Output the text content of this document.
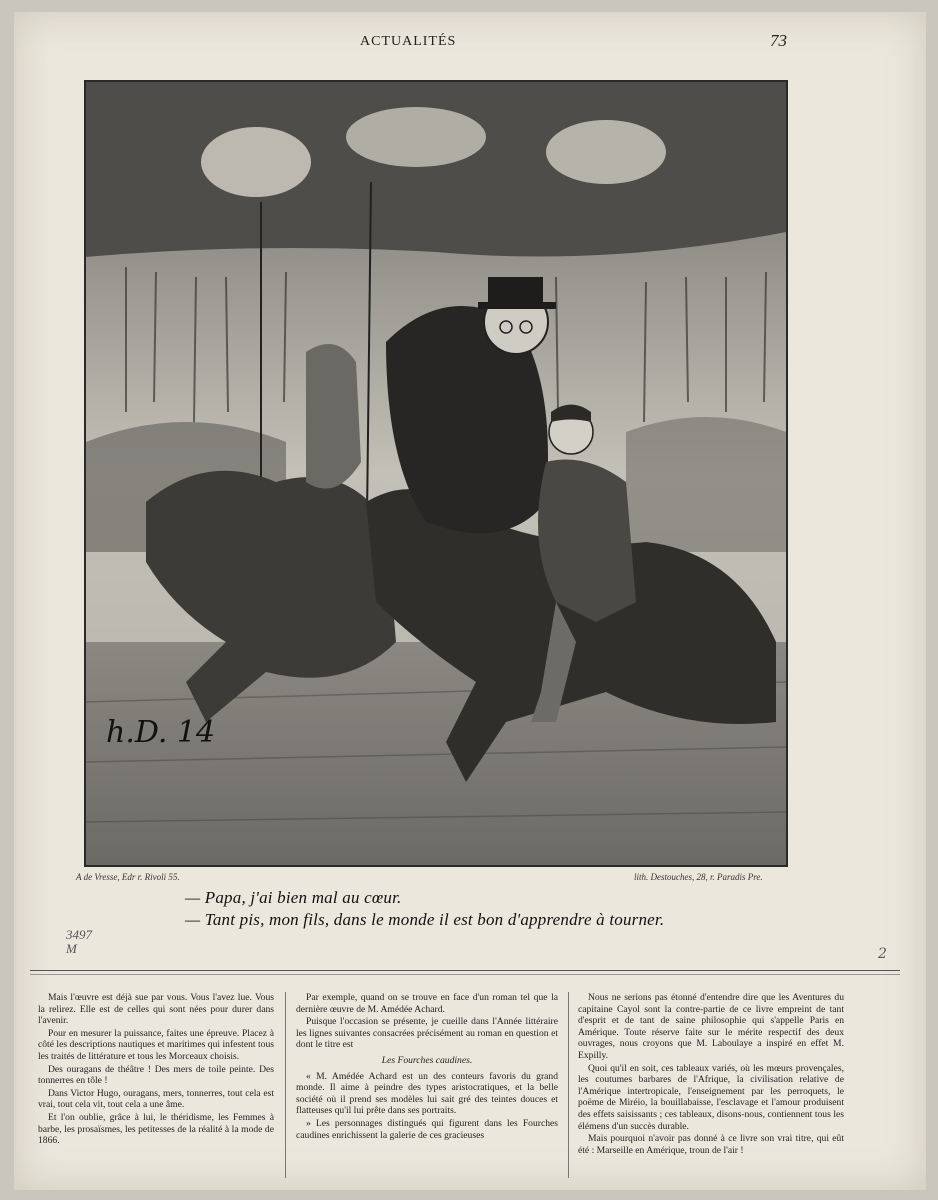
ACTUALITÉS	73
h.D. 14
A de Vresse, Edr r. Rivoli 55.	lith. Destouches, 28, r. Paradis Pre.
— Papa, j'ai bien mal au cœur.
— Tant pis, mon fils, dans le monde il est bon d'apprendre à tourner.
3497
M	2

Mais l'œuvre est déjà sue par vous. Vous l'avez lue. Vous la relirez. Elle est de celles qui sont nées pour durer dans l'avenir.

Pour en mesurer la puissance, faites une épreuve. Placez à côté les descriptions nautiques et maritimes qui infestent tous les traités de littérature et tous les Morceaux choisis.

Des ouragans de théâtre ! Des mers de toile peinte. Des tonnerres en tôle !

Dans Victor Hugo, ouragans, mers, tonnerres, tout cela est vrai, tout cela vit, tout cela a une âme.

Et l'on oublie, grâce à lui, le théridisme, les Femmes à barbe, les prosaïsmes, les petitesses de la réalité à la mode de 1866.

Par exemple, quand on se trouve en face d'un roman tel que la dernière œuvre de M. Amédée Achard.

Puisque l'occasion se présente, je cueille dans l'Année littéraire les lignes suivantes consacrées précisément au roman en question et dont le titre est

Les Fourches caudines.

« M. Amédée Achard est un des conteurs favoris du grand monde. Il aime à peindre des types aristocratiques, et la belle société où il prend ses modèles lui sait gré des teintes douces et flatteuses qu'il lui prête dans ses portraits.

» Les personnages distingués qui figurent dans les Fourches caudines enrichissent la galerie de ces gracieuses

Nous ne serions pas étonné d'entendre dire que les Aventures du capitaine Cayol sont la contre-partie de ce livre empreint de tant d'esprit et de tant de saine philosophie qui s'appelle Paris en Amérique. Toute réserve faite sur le mérite respectif des deux ouvrages, nous croyons que M. Laboulaye a inspiré en effet M. Expilly.

Quoi qu'il en soit, ces tableaux variés, où les mœurs provençales, les coutumes barbares de l'Afrique, la civilisation relative de l'Amérique intertropicale, l'enseignement par les perroquets, le poëme de Miréio, la bouillabaisse, l'esclavage et l'amour produisent des effets saisissants ; ces tableaux, disons-nous, contiennent tous les élémens d'un succès durable.

Mais pourquoi n'avoir pas donné à ce livre son vrai titre, qui eût été : Marseille en Amérique, troun de l'air !
